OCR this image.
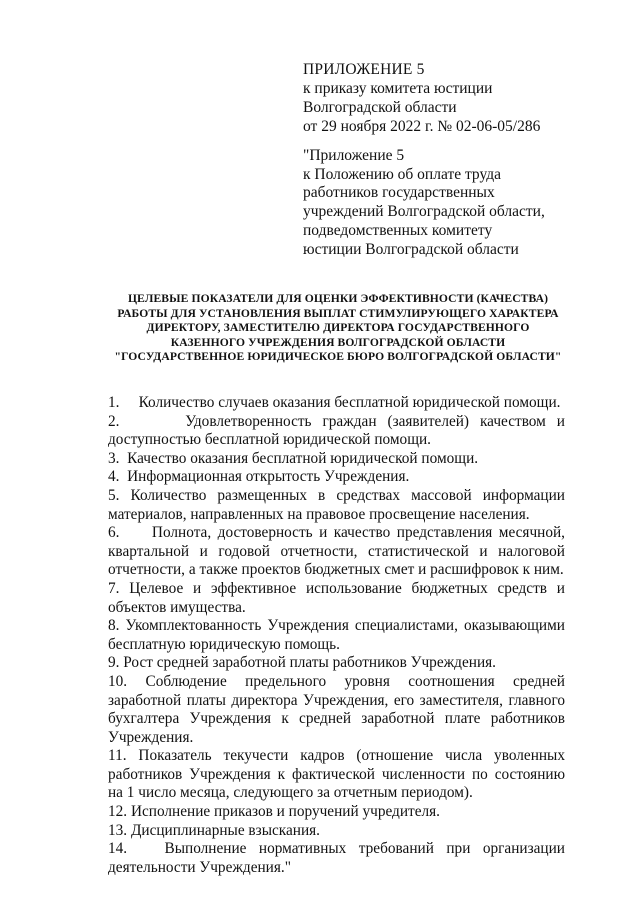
ПРИЛОЖЕНИЕ 5
к приказу комитета юстиции
Волгоградской области
от 29 ноября 2022 г. № 02-06-05/286
"Приложение 5
к Положению об оплате труда
работников государственных
учреждений Волгоградской области,
подведомственных комитету
юстиции Волгоградской области
ЦЕЛЕВЫЕ ПОКАЗАТЕЛИ ДЛЯ ОЦЕНКИ ЭФФЕКТИВНОСТИ (КАЧЕСТВА)
РАБОТЫ ДЛЯ УСТАНОВЛЕНИЯ ВЫПЛАТ СТИМУЛИРУЮЩЕГО ХАРАКТЕРА
ДИРЕКТОРУ, ЗАМЕСТИТЕЛЮ ДИРЕКТОРА ГОСУДАРСТВЕННОГО
КАЗЕННОГО УЧРЕЖДЕНИЯ ВОЛГОГРАДСКОЙ ОБЛАСТИ
"ГОСУДАРСТВЕННОЕ ЮРИДИЧЕСКОЕ БЮРО ВОЛГОГРАДСКОЙ ОБЛАСТИ"

1.     Количество случаев оказания бесплатной юридической помощи.

2.      Удовлетворенность граждан (заявителей) качеством и доступностью бесплатной юридической помощи.

3.  Качество оказания бесплатной юридической помощи.

4.  Информационная открытость Учреждения.

5. Количество размещенных в средствах массовой информации материалов, направленных на правовое просвещение населения.

6.     Полнота, достоверность и качество представления месячной, квартальной и годовой отчетности, статистической и налоговой отчетности, а также проектов бюджетных смет и расшифровок к ним.

7. Целевое и эффективное использование бюджетных средств и объектов имущества.

8. Укомплектованность Учреждения специалистами, оказывающими бесплатную юридическую помощь.

9. Рост средней заработной платы работников Учреждения.

10. Соблюдение предельного уровня соотношения средней заработной платы директора Учреждения, его заместителя, главного бухгалтера Учреждения к средней заработной плате работников Учреждения.

11. Показатель текучести кадров (отношение числа уволенных работников Учреждения к фактической численности по состоянию на 1 число месяца, следующего за отчетным периодом).

12. Исполнение приказов и поручений учредителя.

13. Дисциплинарные взыскания.

14.   Выполнение нормативных требований при организации деятельности Учреждения."
